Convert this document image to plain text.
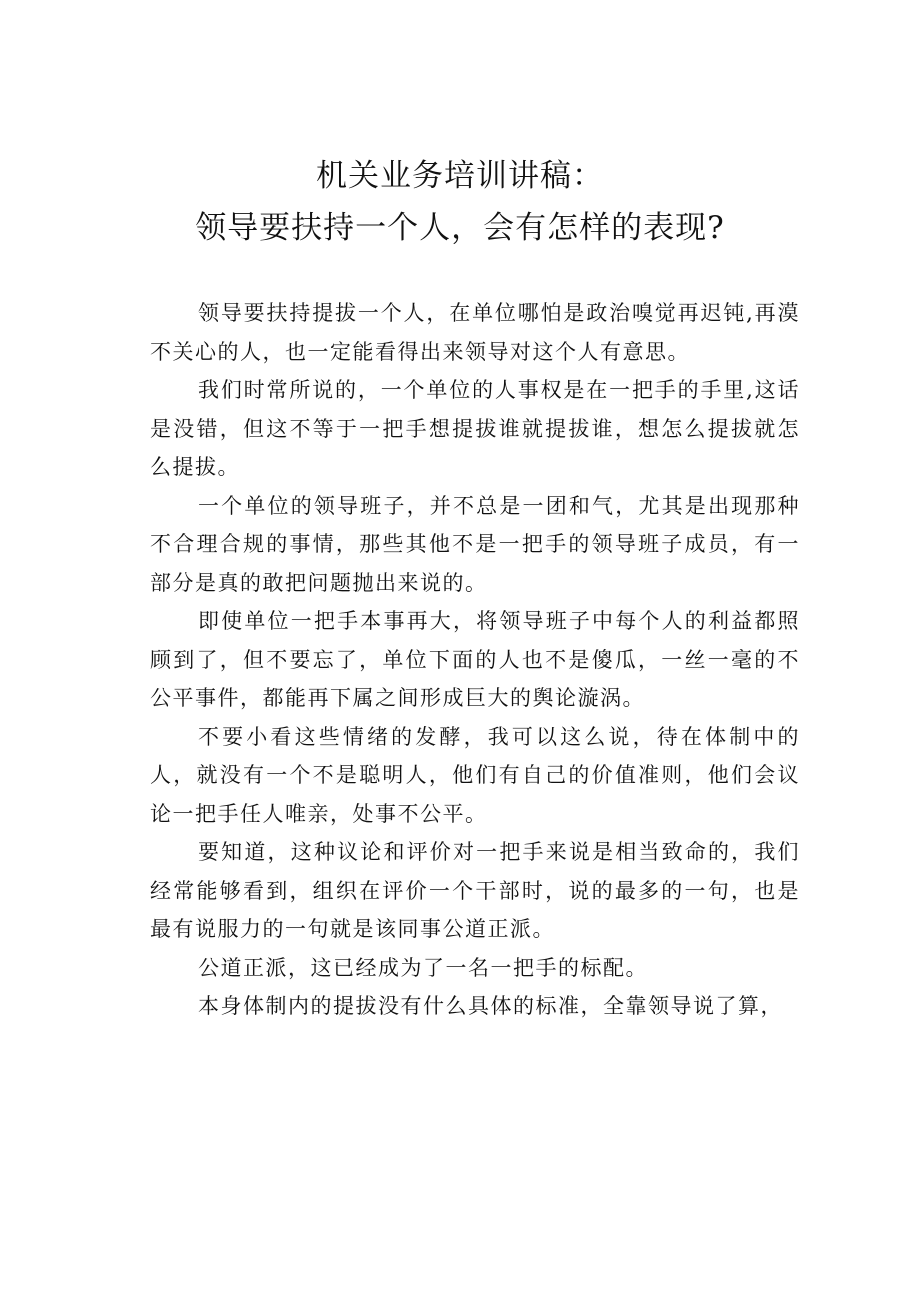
机关业务培训讲稿：
领导要扶持一个人，会有怎样的表现?

领导要扶持提拔一个人，在单位哪怕是政治嗅觉再迟钝,再漠不关心的人，也一定能看得出来领导对这个人有意思。

我们时常所说的，一个单位的人事权是在一把手的手里,这话是没错，但这不等于一把手想提拔谁就提拔谁，想怎么提拔就怎么提拔。

一个单位的领导班子，并不总是一团和气，尤其是出现那种不合理合规的事情，那些其他不是一把手的领导班子成员，有一部分是真的敢把问题抛出来说的。

即使单位一把手本事再大，将领导班子中每个人的利益都照顾到了，但不要忘了，单位下面的人也不是傻瓜，一丝一毫的不公平事件，都能再下属之间形成巨大的舆论漩涡。

不要小看这些情绪的发酵，我可以这么说，待在体制中的人，就没有一个不是聪明人，他们有自己的价值准则，他们会议论一把手任人唯亲，处事不公平。

要知道，这种议论和评价对一把手来说是相当致命的，我们经常能够看到，组织在评价一个干部时，说的最多的一句，也是最有说服力的一句就是该同事公道正派。

公道正派，这已经成为了一名一把手的标配。

本身体制内的提拔没有什么具体的标准，全靠领导说了算，
